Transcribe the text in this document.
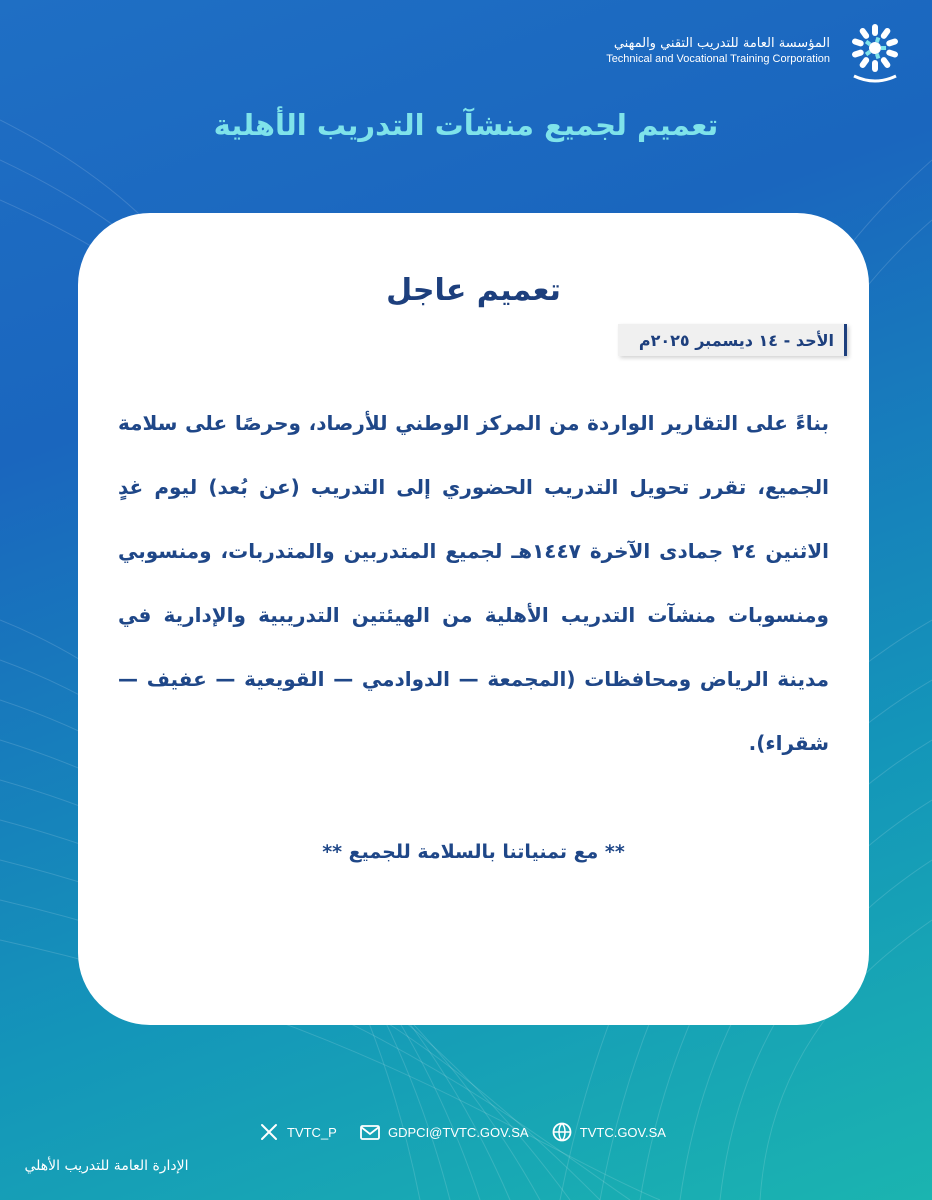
المؤسسة العامة للتدريب التقني والمهني
Technical and Vocational Training Corporation
تعميم لجميع منشآت التدريب الأهلية
تعميم عاجل
الأحد - ١٤ ديسمبر ٢٠٢٥م
بناءً على التقارير الواردة من المركز الوطني للأرصاد، وحرصًا على سلامة الجميع، تقرر تحويل التدريب الحضوري إلى التدريب (عن بُعد) ليوم غدٍ الاثنين ٢٤ جمادى الآخرة ١٤٤٧هـ لجميع المتدربين والمتدربات، ومنسوبي ومنسوبات منشآت التدريب الأهلية من الهيئتين التدريبية والإدارية في مدينة الرياض ومحافظات (المجمعة — الدوادمي — القويعية — عفيف — شقراء).
** مع تمنياتنا بالسلامة للجميع **
TVTC_P	GDPCI@TVTC.GOV.SA	TVTC.GOV.SA
الإدارة العامة للتدريب الأهلي
